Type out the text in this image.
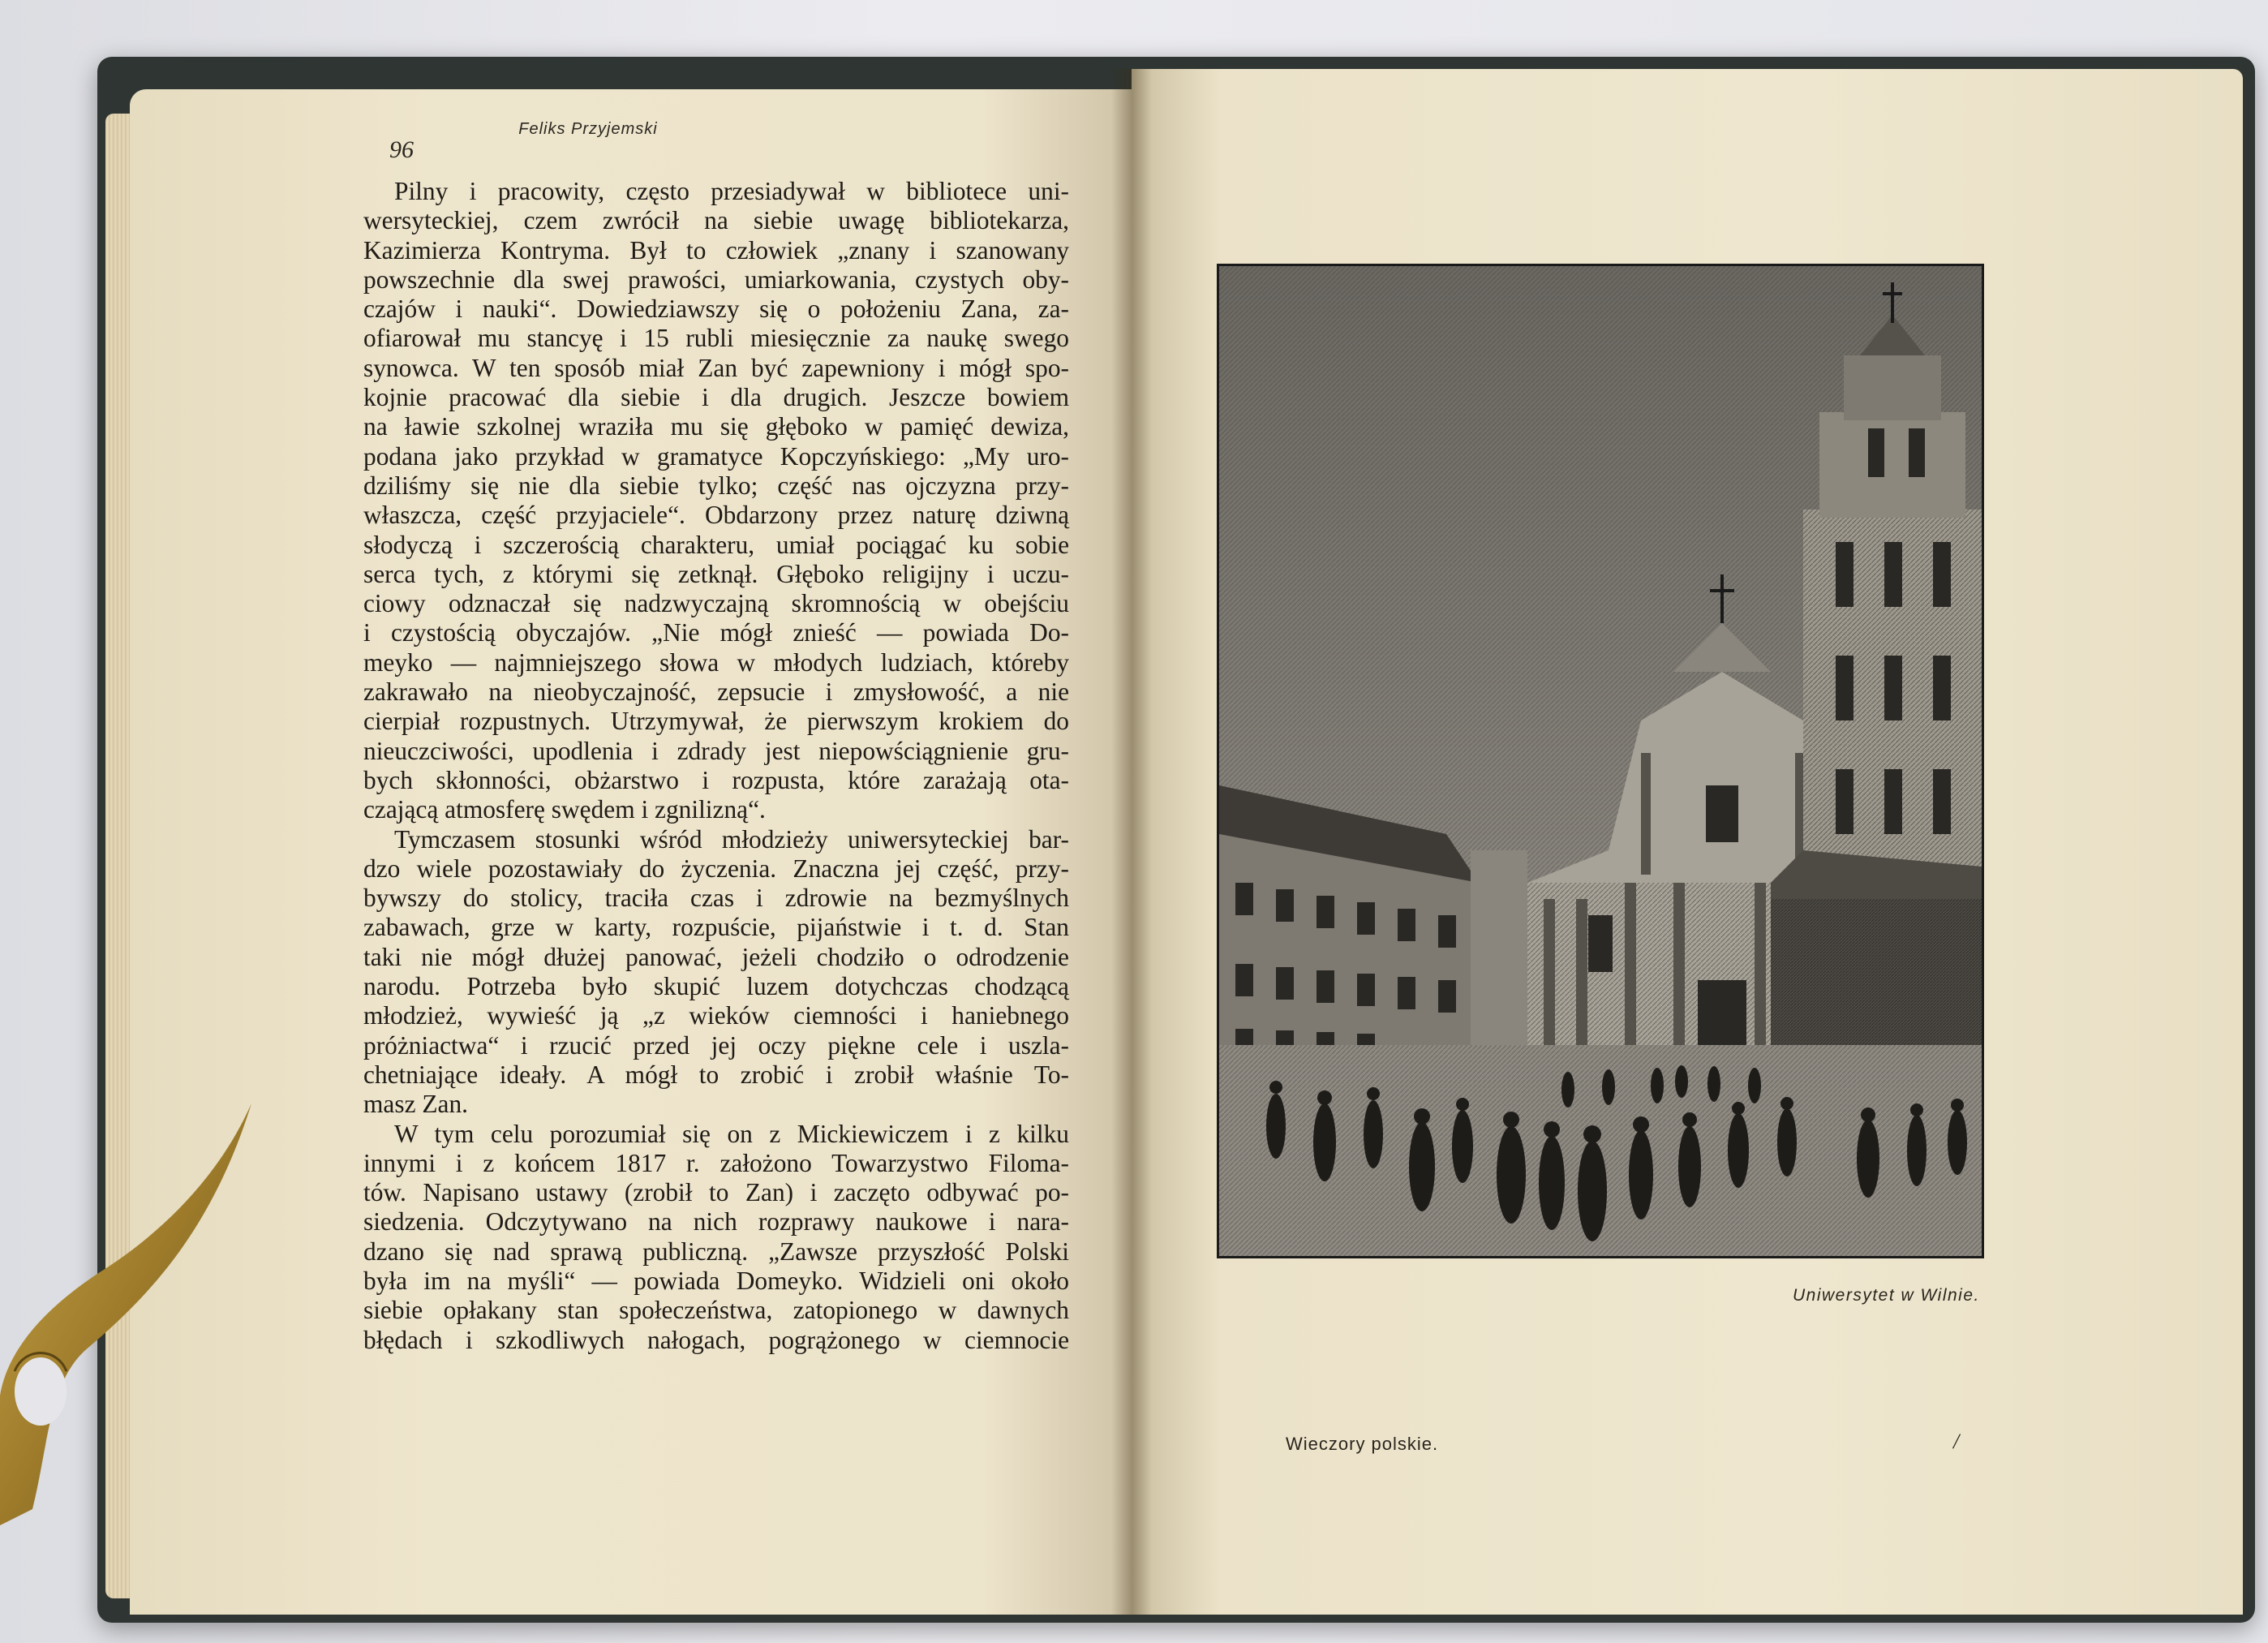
96
Feliks Przyjemski
Pilny i pracowity, często przesiadywał w bibliotece uni-
wersyteckiej, czem zwrócił na siebie uwagę bibliotekarza,
Kazimierza Kontryma. Był to człowiek „znany i szanowany
powszechnie dla swej prawości, umiarkowania, czystych oby-
czajów i nauki“. Dowiedziawszy się o położeniu Zana, za-
ofiarował mu stancyę i 15 rubli miesięcznie za naukę swego
synowca. W ten sposób miał Zan być zapewniony i mógł spo-
kojnie pracować dla siebie i dla drugich. Jeszcze bowiem
na ławie szkolnej wraziła mu się głęboko w pamięć dewiza,
podana jako przykład w gramatyce Kopczyńskiego: „My uro-
dziliśmy się nie dla siebie tylko; część nas ojczyzna przy-
właszcza, część przyjaciele“. Obdarzony przez naturę dziwną
słodyczą i szczerością charakteru, umiał pociągać ku sobie
serca tych, z którymi się zetknął. Głęboko religijny i uczu-
ciowy odznaczał się nadzwyczajną skromnością w obejściu
i czystością obyczajów. „Nie mógł znieść — powiada Do-
meyko — najmniejszego słowa w młodych ludziach, któreby
zakrawało na nieobyczajność, zepsucie i zmysłowość, a nie
cierpiał rozpustnych. Utrzymywał, że pierwszym krokiem do
nieuczciwości, upodlenia i zdrady jest niepowściągnienie gru-
bych skłonności, obżarstwo i rozpusta, które zarażają ota-
czającą atmosferę swędem i zgnilizną“.
Tymczasem stosunki wśród młodzieży uniwersyteckiej bar-
dzo wiele pozostawiały do życzenia. Znaczna jej część, przy-
bywszy do stolicy, traciła czas i zdrowie na bezmyślnych
zabawach, grze w karty, rozpuście, pijaństwie i t. d. Stan
taki nie mógł dłużej panować, jeżeli chodziło o odrodzenie
narodu. Potrzeba było skupić luzem dotychczas chodzącą
młodzież, wywieść ją „z wieków ciemności i haniebnego
próżniactwa“ i rzucić przed jej oczy piękne cele i uszla-
chetniające ideały. A mógł to zrobić i zrobił właśnie To-
masz Zan.
W tym celu porozumiał się on z Mickiewiczem i z kilku
innymi i z końcem 1817 r. założono Towarzystwo Filoma-
tów. Napisano ustawy (zrobił to Zan) i zaczęto odbywać po-
siedzenia. Odczytywano na nich rozprawy naukowe i nara-
dzano się nad sprawą publiczną. „Zawsze przyszłość Polski
była im na myśli“ — powiada Domeyko. Widzieli oni około
siebie opłakany stan społeczeństwa, zatopionego w dawnych
błędach i szkodliwych nałogach, pogrążonego w ciemnocie
Uniwersytet w Wilnie.
Wieczory polskie.	/
